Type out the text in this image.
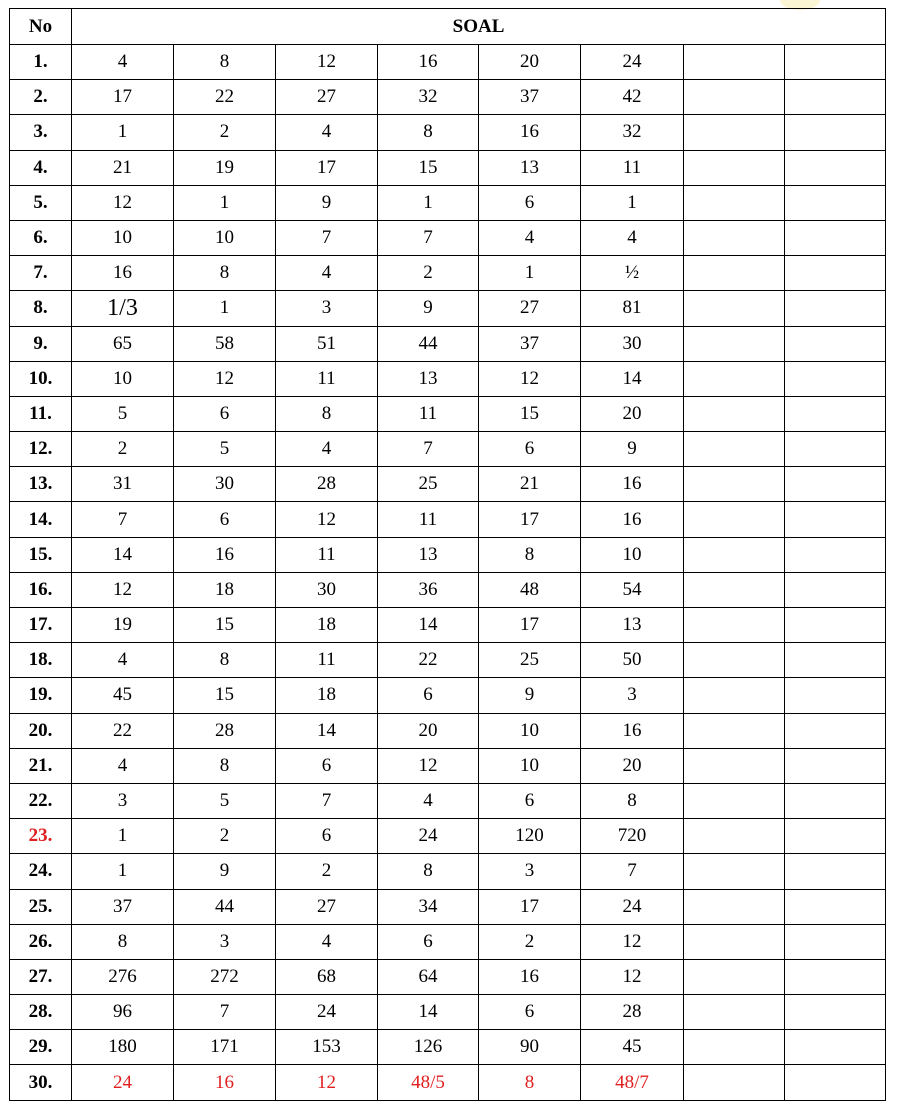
No	SOAL							
1.	4	8	12	16	20	24		
2.	17	22	27	32	37	42		
3.	1	2	4	8	16	32		
4.	21	19	17	15	13	11		
5.	12	1	9	1	6	1		
6.	10	10	7	7	4	4		
7.	16	8	4	2	1	½		
8.	1/3	1	3	9	27	81		
9.	65	58	51	44	37	30		
10.	10	12	11	13	12	14		
11.	5	6	8	11	15	20		
12.	2	5	4	7	6	9		
13.	31	30	28	25	21	16		
14.	7	6	12	11	17	16		
15.	14	16	11	13	8	10		
16.	12	18	30	36	48	54		
17.	19	15	18	14	17	13		
18.	4	8	11	22	25	50		
19.	45	15	18	6	9	3		
20.	22	28	14	20	10	16		
21.	4	8	6	12	10	20		
22.	3	5	7	4	6	8		
23.	1	2	6	24	120	720		
24.	1	9	2	8	3	7		
25.	37	44	27	34	17	24		
26.	8	3	4	6	2	12		
27.	276	272	68	64	16	12		
28.	96	7	24	14	6	28		
29.	180	171	153	126	90	45		
30.	24	16	12	48/5	8	48/7		
